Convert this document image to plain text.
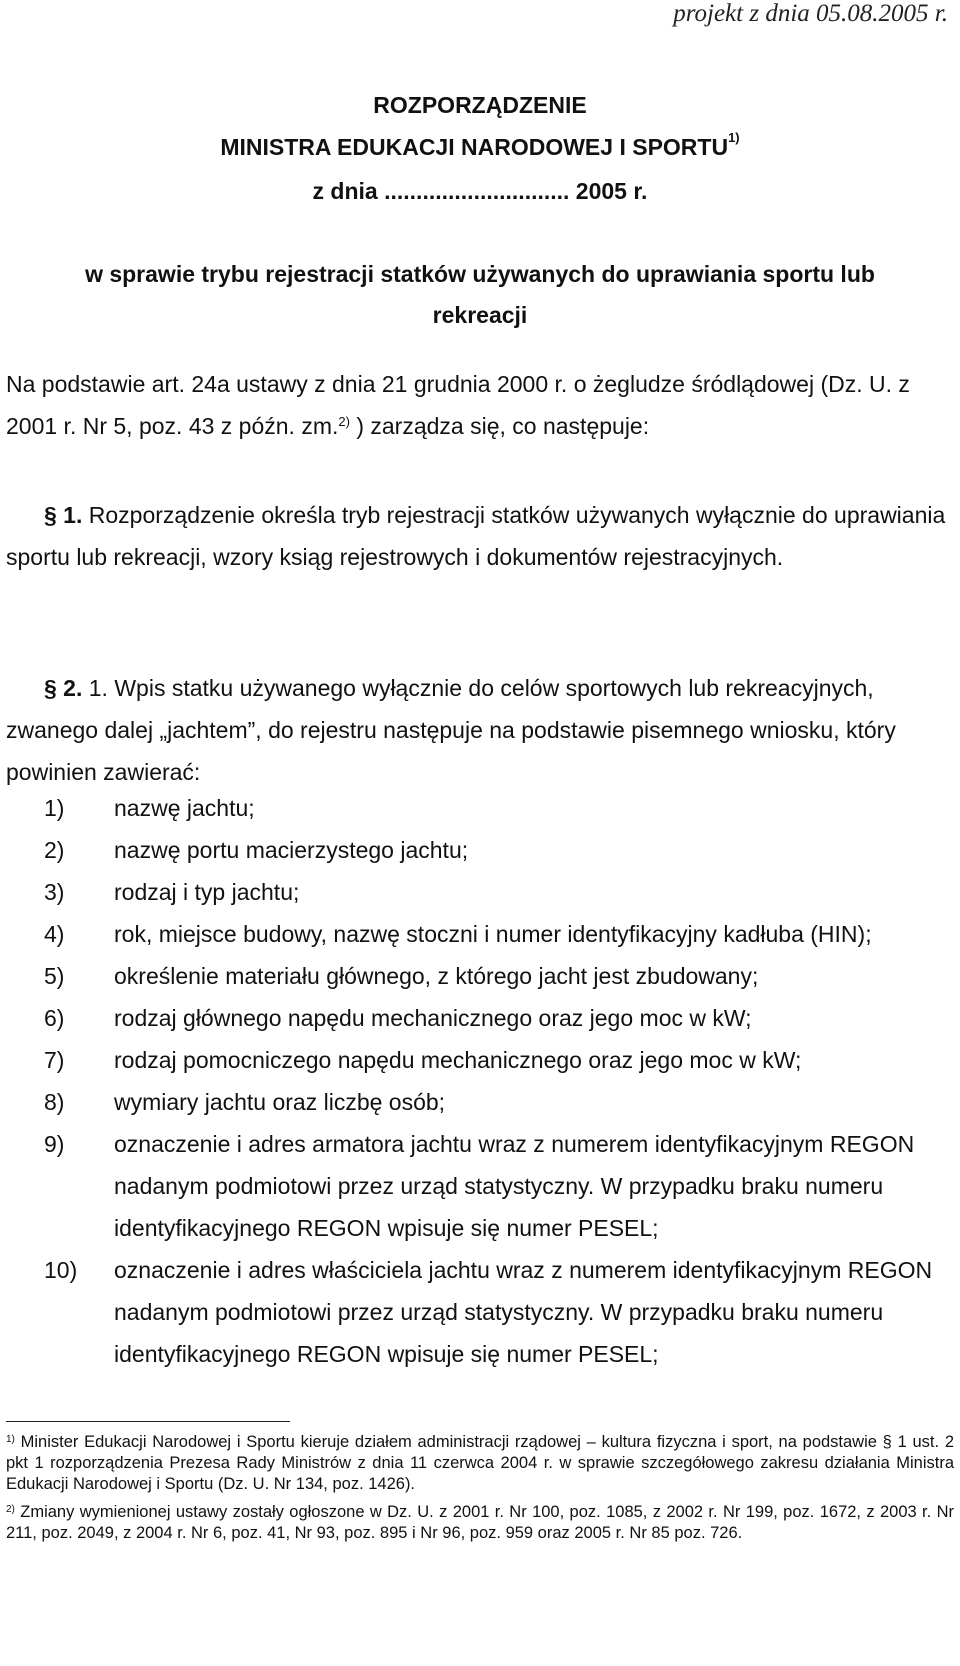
projekt z dnia 05.08.2005 r.
ROZPORZĄDZENIE
MINISTRA EDUKACJI NARODOWEJ I SPORTU$^{1)}$
z dnia ............................. 2005 r.
w sprawie trybu rejestracji statków używanych do uprawiania sportu lub
rekreacji
Na podstawie art. 24a ustawy z dnia 21 grudnia 2000 r. o żegludze śródlądowej (Dz. U. z 2001 r. Nr 5, poz. 43 z późn. zm.$^{2)}$ ) zarządza się, co następuje:
§ 1. Rozporządzenie określa tryb rejestracji statków używanych wyłącznie do uprawiania sportu lub rekreacji, wzory ksiąg rejestrowych i dokumentów rejestracyjnych.
§ 2. 1. Wpis statku używanego wyłącznie do celów sportowych lub rekreacyjnych, zwanego dalej „jachtem”, do rejestru następuje na podstawie pisemnego wniosku, który powinien zawierać:
1)	nazwę jachtu;
2)	nazwę portu macierzystego jachtu;
3)	rodzaj i typ jachtu;
4)	rok, miejsce budowy, nazwę stoczni i numer identyfikacyjny kadłuba (HIN);
5)	określenie materiału głównego, z którego jacht jest zbudowany;
6)	rodzaj głównego napędu mechanicznego oraz jego moc w kW;
7)	rodzaj pomocniczego napędu mechanicznego oraz jego moc w kW;
8)	wymiary jachtu oraz liczbę osób;
9)	oznaczenie i adres armatora jachtu wraz z numerem identyfikacyjnym REGON nadanym podmiotowi przez urząd statystyczny. W przypadku braku numeru identyfikacyjnego REGON wpisuje się numer PESEL;
10)	oznaczenie i adres właściciela jachtu wraz z numerem identyfikacyjnym REGON nadanym podmiotowi przez urząd statystyczny. W przypadku braku numeru identyfikacyjnego REGON wpisuje się numer PESEL;
$^{1)}$ Minister Edukacji Narodowej i Sportu kieruje działem administracji rządowej – kultura fizyczna i sport, na podstawie § 1 ust. 2 pkt 1 rozporządzenia Prezesa Rady Ministrów z dnia 11 czerwca 2004 r. w sprawie szczegółowego zakresu działania Ministra Edukacji Narodowej i Sportu (Dz. U. Nr 134, poz. 1426).
$^{2)}$ Zmiany wymienionej ustawy zostały ogłoszone w Dz. U. z 2001 r. Nr 100, poz. 1085, z 2002 r. Nr 199, poz. 1672, z 2003 r. Nr 211, poz. 2049, z 2004 r. Nr 6, poz. 41, Nr 93, poz. 895 i Nr 96, poz. 959 oraz 2005 r. Nr 85 poz. 726.
